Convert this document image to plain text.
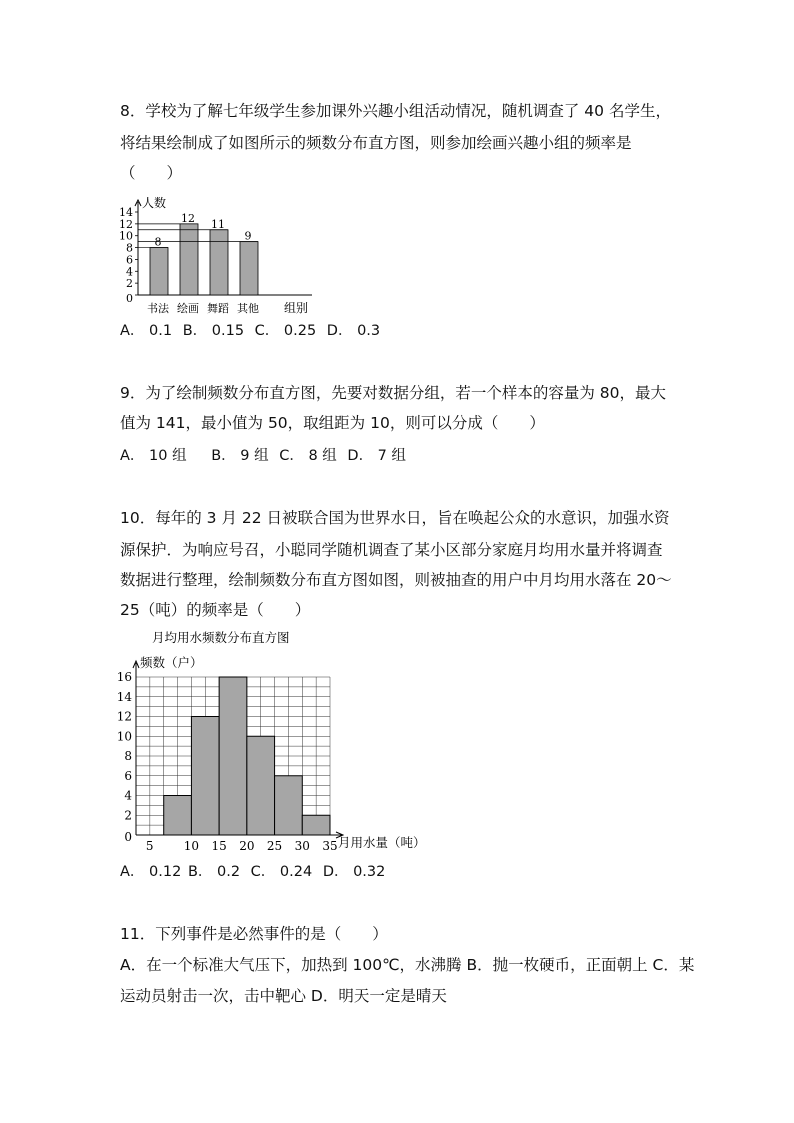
8．学校为了解七年级学生参加课外兴趣小组活动情况，随机调查了 40 名学生，
将结果绘制成了如图所示的频数分布直方图，则参加绘画兴趣小组的频率是
（　　）
0
2
4
6
8
10
12
14
人数
组别
8
书法
12
绘画
11
舞蹈
9
其他
A． 0.1 B． 0.15 C． 0.25 D． 0.3
9．为了绘制频数分布直方图，先要对数据分组，若一个样本的容量为 80，最大
值为 141，最小值为 50，取组距为 10，则可以分成（　　）
A． 10 组 B． 9 组 C． 8 组 D． 7 组
10．每年的 3 月 22 日被联合国为世界水日，旨在唤起公众的水意识，加强水资
源保护．为响应号召，小聪同学随机调查了某小区部分家庭月均用水量并将调查
数据进行整理，绘制频数分布直方图如图，则被抽查的用户中月均用水落在 20～
25（吨）的频率是（　　）
月均用水频数分布直方图
频数（户）
月用水量（吨）
0
2
4
6
8
10
12
14
16
5	10 15 20 25 30 35
A． 0.12 B． 0.2 C． 0.24 D． 0.32
11．下列事件是必然事件的是（　　）
A．在一个标准大气压下，加热到 100℃，水沸腾 B．抛一枚硬币，正面朝上 C．某
运动员射击一次，击中靶心 D．明天一定是晴天
